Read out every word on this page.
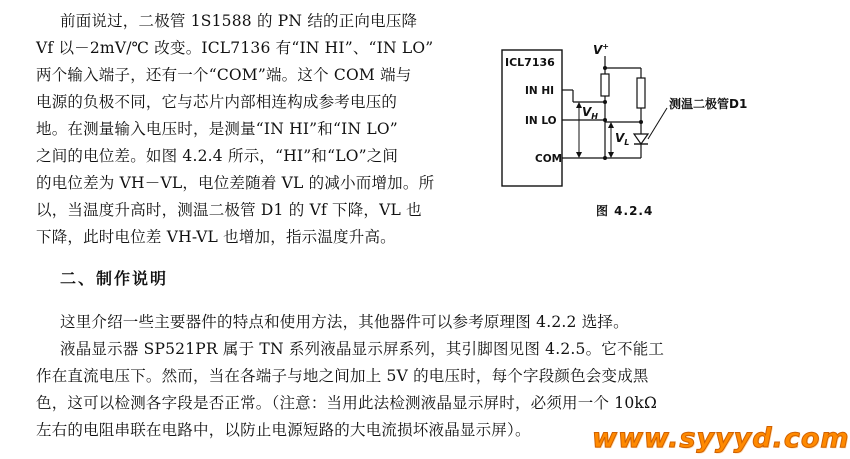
前面说过，二极管 1S1588 的 PN 结的正向电压降
Vf 以－2mV/℃ 改变。ICL7136 有“IN HI”、“IN LO”
两个输入端子，还有一个“COM”端。这个 COM 端与
电源的负极不同，它与芯片内部相连构成参考电压的
地。在测量输入电压时，是测量“IN HI”和“IN LO”
之间的电位差。如图 4.2.4 所示，“HI”和“LO”之间
的电位差为 VH－VL，电位差随着 VL 的减小而增加。所
以，当温度升高时，测温二极管 D1 的 Vf 下降，VL 也
下降，此时电位差 VH-VL 也增加，指示温度升高。
二、制作说明
这里介绍一些主要器件的特点和使用方法，其他器件可以参考原理图 4.2.2 选择。
液晶显示器 SP521PR 属于 TN 系列液晶显示屏系列，其引脚图见图 4.2.5。它不能工
作在直流电压下。然而，当在各端子与地之间加上 5V 的电压时，每个字段颜色会变成黑
色，这可以检测各字段是否正常。（注意：当用此法检测液晶显示屏时，必须用一个 10kΩ
左右的电阻串联在电路中，以防止电源短路的大电流损坏液晶显示屏）。
ICL7136
IN HI
IN LO
COM
V+
$V_H$
$V_L$
测温二极管D1
图 4.2.4
www.syyyd.com
